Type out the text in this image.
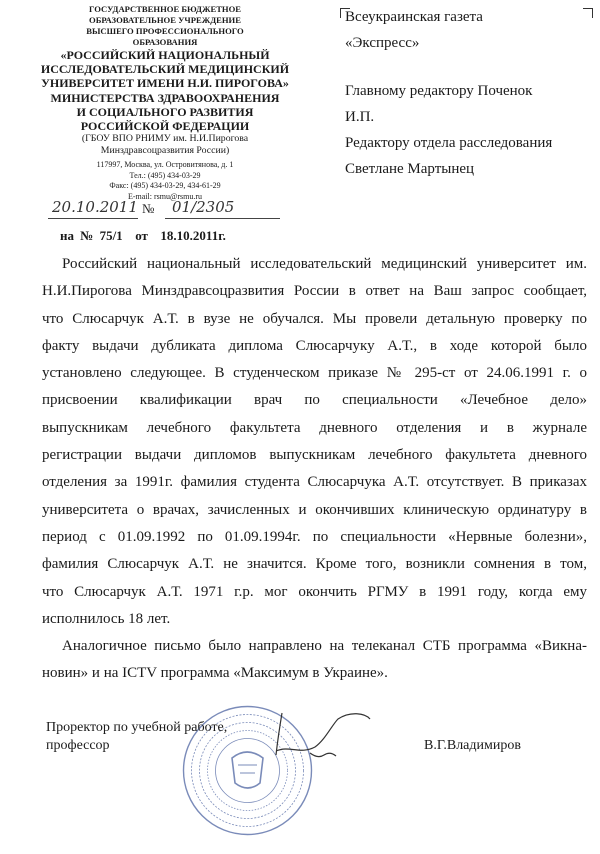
ГОСУДАРСТВЕННОЕ БЮДЖЕТНОЕ
ОБРАЗОВАТЕЛЬНОЕ УЧРЕЖДЕНИЕ
ВЫСШЕГО ПРОФЕССИОНАЛЬНОГО
ОБРАЗОВАНИЯ
«РОССИЙСКИЙ НАЦИОНАЛЬНЫЙ
ИССЛЕДОВАТЕЛЬСКИЙ МЕДИЦИНСКИЙ
УНИВЕРСИТЕТ ИМЕНИ Н.И. ПИРОГОВА»
МИНИСТЕРСТВА ЗДРАВООХРАНЕНИЯ
И СОЦИАЛЬНОГО РАЗВИТИЯ
РОССИЙСКОЙ ФЕДЕРАЦИИ
(ГБОУ ВПО РНИМУ им. Н.И.Пирогова
Минздравсоцразвития России)
117997, Москва, ул. Островитянова, д. 1
Тел.: (495) 434-03-29
Факс: (495) 434-03-29, 434-61-29
E-mail: rsmu@rsmu.ru
20.10.2011 № 01/2305
на № 75/1 от 18.10.2011г.
Всеукраинская газета
«Экспресс»
Главному редактору Поченок
И.П.
Редактору отдела расследования
Светлане Мартынец
Российский национальный исследовательский медицинский университет им.
Н.И.Пирогова Минздравсоцразвития России в ответ на Ваш запрос сообщает,
что Слюсарчук А.Т. в вузе не обучался. Мы провели детальную проверку по
факту выдачи дубликата диплома Слюсарчуку А.Т., в ходе которой было
установлено следующее. В студенческом приказе № 295-ст от 24.06.1991 г. о
присвоении квалификации врач по специальности «Лечебное дело»
выпускникам лечебного факультета дневного отделения и в журнале
регистрации выдачи дипломов выпускникам лечебного факультета дневного
отделения за 1991г. фамилия студента Слюсарчука А.Т. отсутствует. В приказах
университета о врачах, зачисленных и окончивших клиническую ординатуру в
период с 01.09.1992 по 01.09.1994г. по специальности «Нервные болезни»,
фамилия Слюсарчук А.Т. не значится. Кроме того, возникли сомнения в том,
что Слюсарчук А.Т. 1971 г.р. мог окончить РГМУ в 1991 году, когда ему
исполнилось 18 лет.
Аналогичное письмо было направлено на телеканал СТБ программа «Викна-
новин» и на ICTV программа «Максимум в Украине».
Проректор по учебной работе,
профессор	В.Г.Владимиров
